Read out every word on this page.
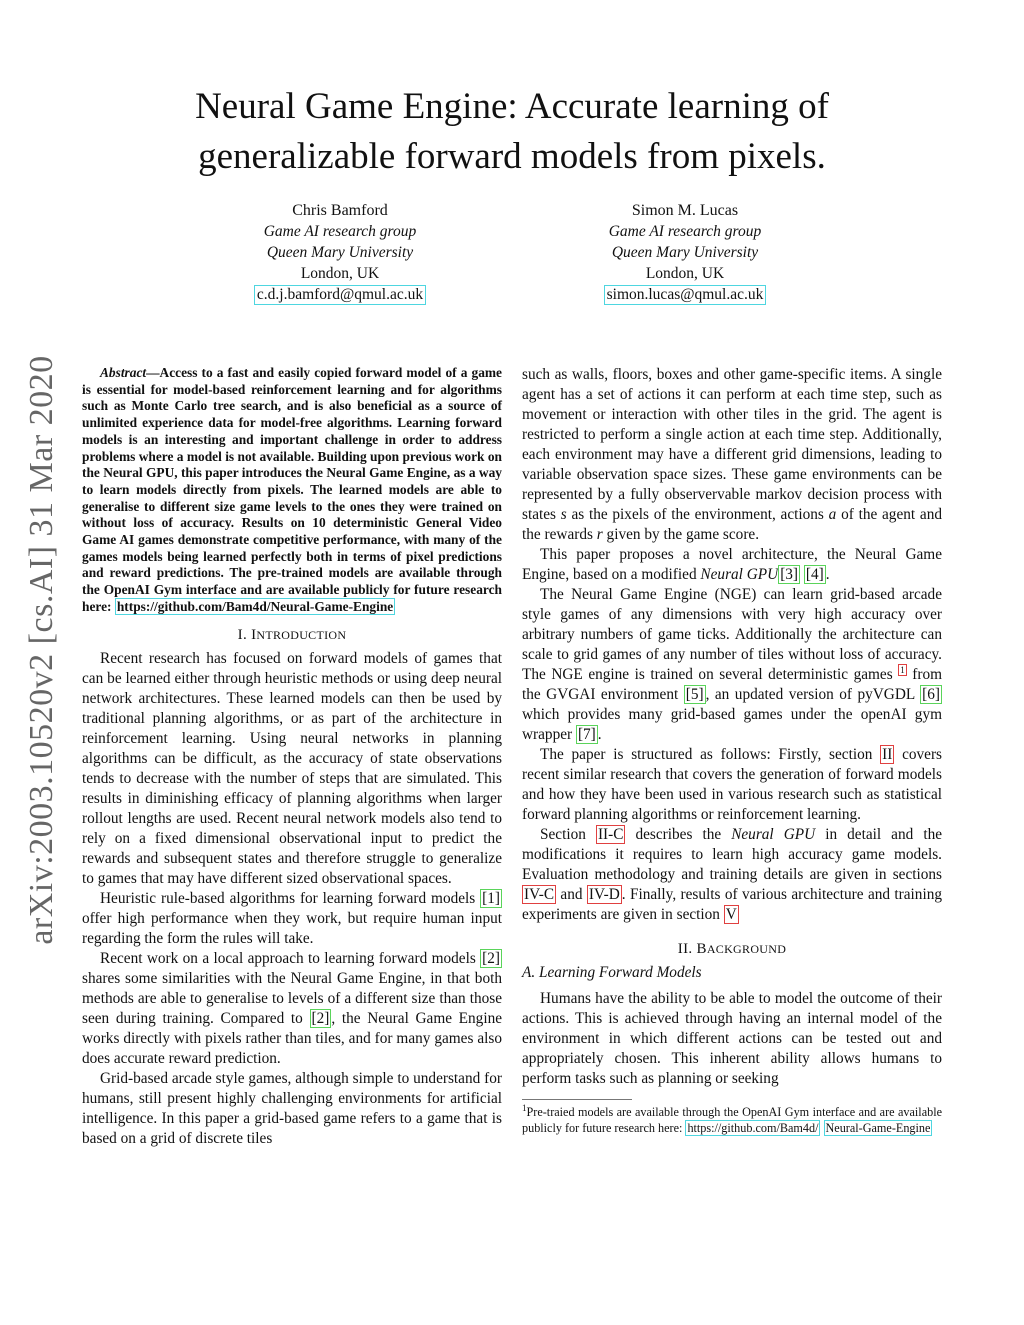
arXiv:2003.10520v2 [cs.AI] 31 Mar 2020
Neural Game Engine: Accurate learning of
generalizable forward models from pixels.
Chris Bamford
Game AI research group
Queen Mary University
London, UK
c.d.j.bamford@qmul.ac.uk
Simon M. Lucas
Game AI research group
Queen Mary University
London, UK
simon.lucas@qmul.ac.uk

Abstract—Access to a fast and easily copied forward model of a game is essential for model-based reinforcement learning and for algorithms such as Monte Carlo tree search, and is also beneficial as a source of unlimited experience data for model-free algorithms. Learning forward models is an interesting and important challenge in order to address problems where a model is not available. Building upon previous work on the Neural GPU, this paper introduces the Neural Game Engine, as a way to learn models directly from pixels. The learned models are able to generalise to different size game levels to the ones they were trained on without loss of accuracy. Results on 10 deterministic General Video Game AI games demonstrate competitive performance, with many of the games models being learned perfectly both in terms of pixel predictions and reward predictions. The pre-trained models are available through the OpenAI Gym interface and are available publicly for future research here: https://github.com/Bam4d/Neural-Game-Engine

I. INTRODUCTION

Recent research has focused on forward models of games that can be learned either through heuristic methods or using deep neural network architectures. These learned models can then be used by traditional planning algorithms, or as part of the architecture in reinforcement learning. Using neural networks in planning algorithms can be difficult, as the accuracy of state observations tends to decrease with the number of steps that are simulated. This results in diminishing efficacy of planning algorithms when larger rollout lengths are used. Recent neural network models also tend to rely on a fixed dimensional observational input to predict the rewards and subsequent states and therefore struggle to generalize to games that may have different sized observational spaces.

Heuristic rule-based algorithms for learning forward models [1] offer high performance when they work, but require human input regarding the form the rules will take.

Recent work on a local approach to learning forward models [2] shares some similarities with the Neural Game Engine, in that both methods are able to generalise to levels of a different size than those seen during training. Compared to [2] , the Neural Game Engine works directly with pixels rather than tiles, and for many games also does accurate reward prediction.

Grid-based arcade style games, although simple to understand for humans, still present highly challenging environments for artificial intelligence. In this paper a grid-based game refers to a game that is based on a grid of discrete tiles

such as walls, floors, boxes and other game-specific items. A single agent has a set of actions it can perform at each time step, such as movement or interaction with other tiles in the grid. The agent is restricted to perform a single action at each time step. Additionally, each environment may have a different grid dimensions, leading to variable observation space sizes. These game environments can be represented by a fully observervable markov decision process with states s as the pixels of the environment, actions a of the agent and the rewards r given by the game score.

This paper proposes a novel architecture, the Neural Game Engine, based on a modified Neural GPU [3] [4] .

The Neural Game Engine (NGE) can learn grid-based arcade style games of any dimensions with very high accuracy over arbitrary numbers of game ticks. Additionally the architecture can scale to grid games of any number of tiles without loss of accuracy. The NGE engine is trained on several deterministic games $^1$ from the GVGAI environment [5] , an updated version of pyVGDL [6] which provides many grid-based games under the openAI gym wrapper [7] .

The paper is structured as follows: Firstly, section II covers recent similar research that covers the generation of forward models and how they have been used in various research such as statistical forward planning algorithms or reinforcement learning.

Section II-C describes the Neural GPU in detail and the modifications it requires to learn high accuracy game models. Evaluation methodology and training details are given in sections IV-C and IV-D . Finally, results of various architecture and training experiments are given in section V

II. BACKGROUND
A. Learning Forward Models

Humans have the ability to be able to model the outcome of their actions. This is achieved through having an internal model of the environment in which different actions can be tested out and appropriately chosen. This inherent ability allows humans to perform tasks such as planning or seeking

$^1$Pre-traied models are available through the OpenAI Gym interface and are available publicly for future research here: https://github.com/Bam4d/ Neural-Game-Engine
